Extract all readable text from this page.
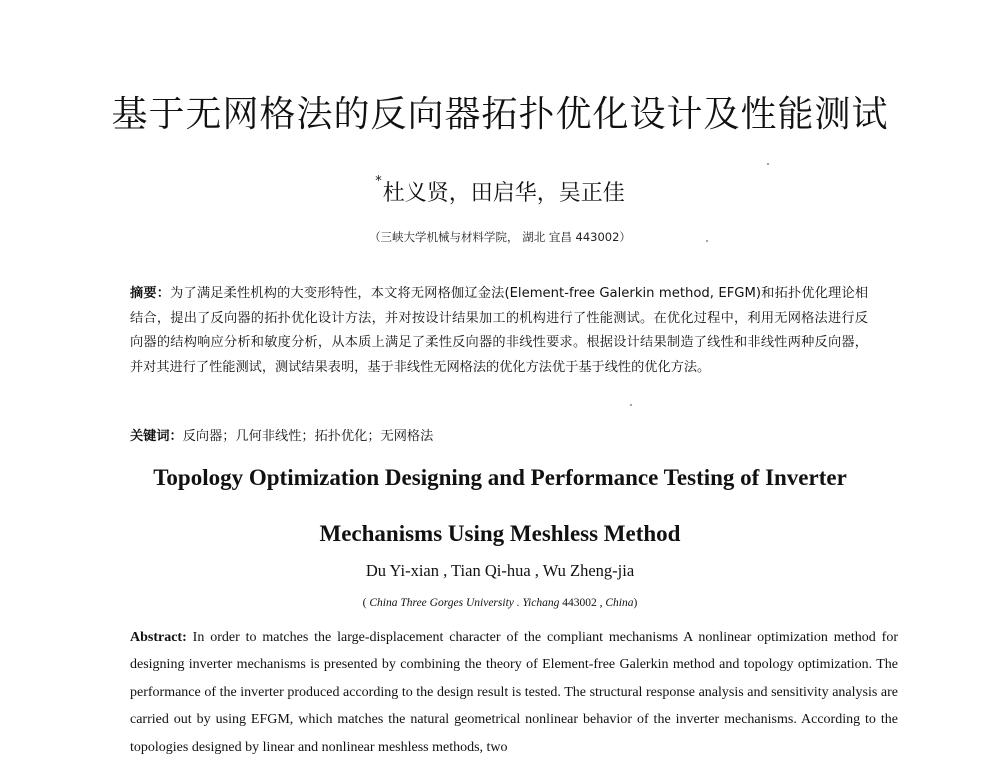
基于无网格法的反向器拓扑优化设计及性能测试
*杜义贤，田启华，吴正佳
（三峡大学机械与材料学院， 湖北 宜昌 443002）
摘要：为了满足柔性机构的大变形特性，本文将无网格伽辽金法(Element-free Galerkin method, EFGM)和拓扑优化理论相结合，提出了反向器的拓扑优化设计方法，并对按设计结果加工的机构进行了性能测试。在优化过程中，利用无网格法进行反向器的结构响应分析和敏度分析，从本质上满足了柔性反向器的非线性要求。根据设计结果制造了线性和非线性两种反向器，并对其进行了性能测试，测试结果表明，基于非线性无网格法的优化方法优于基于线性的优化方法。
关键词：反向器；几何非线性；拓扑优化；无网格法
Topology Optimization Designing and Performance Testing of Inverter
Mechanisms Using Meshless Method
Du Yi-xian , Tian Qi-hua , Wu Zheng-jia
( China Three Gorges University . Yichang 443002 , China)
Abstract: In order to matches the large-displacement character of the compliant mechanisms A nonlinear optimization method for designing inverter mechanisms is presented by combining the theory of Element-free Galerkin method and topology optimization. The performance of the inverter produced according to the design result is tested. The structural response analysis and sensitivity analysis are carried out by using EFGM, which matches the natural geometrical nonlinear behavior of the inverter mechanisms. According to the topologies designed by linear and nonlinear meshless methods, two
